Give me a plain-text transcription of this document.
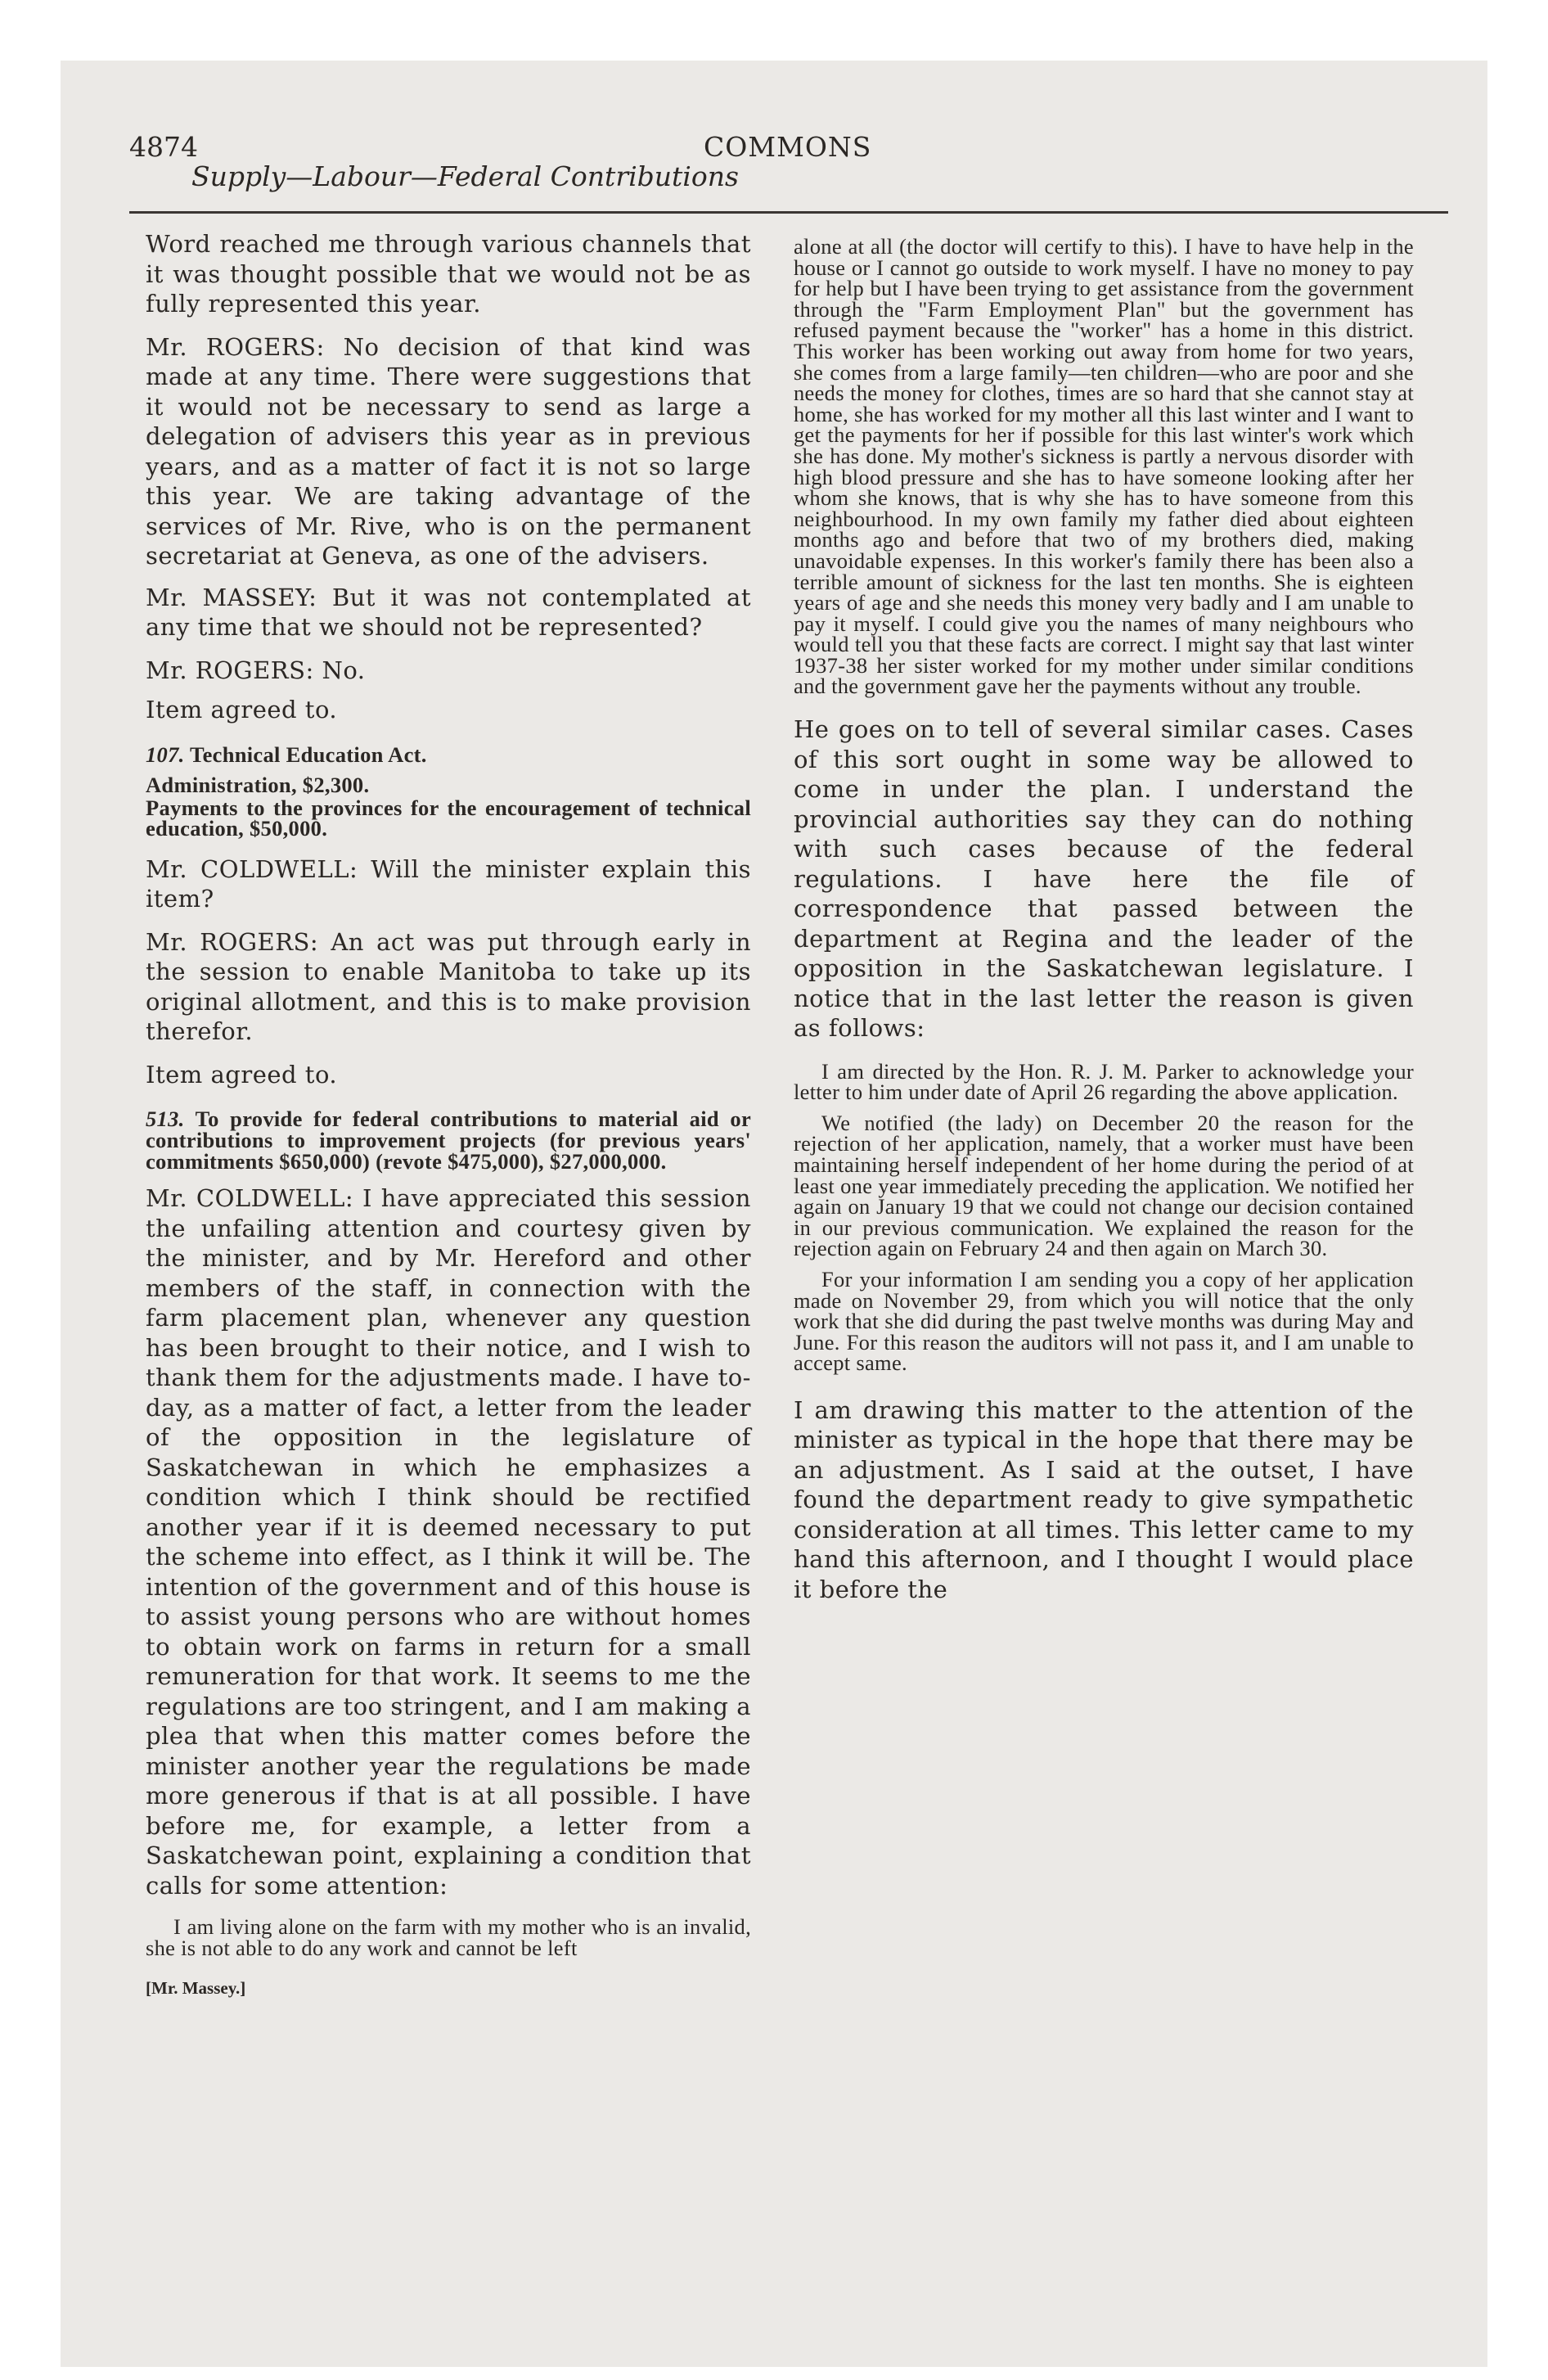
4874	COMMONS
Supply—Labour—Federal Contributions

Word reached me through various channels that it was thought possible that we would not be as fully represented this year.

Mr. ROGERS: No decision of that kind was made at any time. There were suggestions that it would not be necessary to send as large a delegation of advisers this year as in previous years, and as a matter of fact it is not so large this year. We are taking advantage of the services of Mr. Rive, who is on the permanent secretariat at Geneva, as one of the advisers.

Mr. MASSEY: But it was not contemplated at any time that we should not be represented?

Mr. ROGERS: No.

Item agreed to.

107. Technical Education Act.

Administration, $2,300.

Payments to the provinces for the encouragement of technical education, $50,000.

Mr. COLDWELL: Will the minister explain this item?

Mr. ROGERS: An act was put through early in the session to enable Manitoba to take up its original allotment, and this is to make provision therefor.

Item agreed to.

513. To provide for federal contributions to material aid or contributions to improvement projects (for previous years' commitments $650,000) (revote $475,000), $27,000,000.

Mr. COLDWELL: I have appreciated this session the unfailing attention and courtesy given by the minister, and by Mr. Hereford and other members of the staff, in connection with the farm placement plan, whenever any question has been brought to their notice, and I wish to thank them for the adjustments made. I have to-day, as a matter of fact, a letter from the leader of the opposition in the legislature of Saskatchewan in which he emphasizes a condition which I think should be rectified another year if it is deemed necessary to put the scheme into effect, as I think it will be. The intention of the government and of this house is to assist young persons who are without homes to obtain work on farms in return for a small remuneration for that work. It seems to me the regulations are too stringent, and I am making a plea that when this matter comes before the minister another year the regulations be made more generous if that is at all possible. I have before me, for example, a letter from a Saskatchewan point, explaining a condition that calls for some attention:

I am living alone on the farm with my mother who is an invalid, she is not able to do any work and cannot be left

[Mr. Massey.]

alone at all (the doctor will certify to this). I have to have help in the house or I cannot go outside to work myself. I have no money to pay for help but I have been trying to get assistance from the government through the "Farm Employment Plan" but the government has refused payment because the "worker" has a home in this district. This worker has been working out away from home for two years, she comes from a large family—ten children—who are poor and she needs the money for clothes, times are so hard that she cannot stay at home, she has worked for my mother all this last winter and I want to get the payments for her if possible for this last winter's work which she has done. My mother's sickness is partly a nervous disorder with high blood pressure and she has to have someone looking after her whom she knows, that is why she has to have someone from this neighbourhood. In my own family my father died about eighteen months ago and before that two of my brothers died, making unavoidable expenses. In this worker's family there has been also a terrible amount of sickness for the last ten months. She is eighteen years of age and she needs this money very badly and I am unable to pay it myself. I could give you the names of many neighbours who would tell you that these facts are correct. I might say that last winter 1937-38 her sister worked for my mother under similar conditions and the government gave her the payments without any trouble.

He goes on to tell of several similar cases. Cases of this sort ought in some way be allowed to come in under the plan. I understand the provincial authorities say they can do nothing with such cases because of the federal regulations. I have here the file of correspondence that passed between the department at Regina and the leader of the opposition in the Saskatchewan legislature. I notice that in the last letter the reason is given as follows:

I am directed by the Hon. R. J. M. Parker to acknowledge your letter to him under date of April 26 regarding the above application.

We notified (the lady) on December 20 the reason for the rejection of her application, namely, that a worker must have been maintaining herself independent of her home during the period of at least one year immediately preceding the application. We notified her again on January 19 that we could not change our decision contained in our previous communication. We explained the reason for the rejection again on February 24 and then again on March 30.

For your information I am sending you a copy of her application made on November 29, from which you will notice that the only work that she did during the past twelve months was during May and June. For this reason the auditors will not pass it, and I am unable to accept same.

I am drawing this matter to the attention of the minister as typical in the hope that there may be an adjustment. As I said at the outset, I have found the department ready to give sympathetic consideration at all times. This letter came to my hand this afternoon, and I thought I would place it before the
